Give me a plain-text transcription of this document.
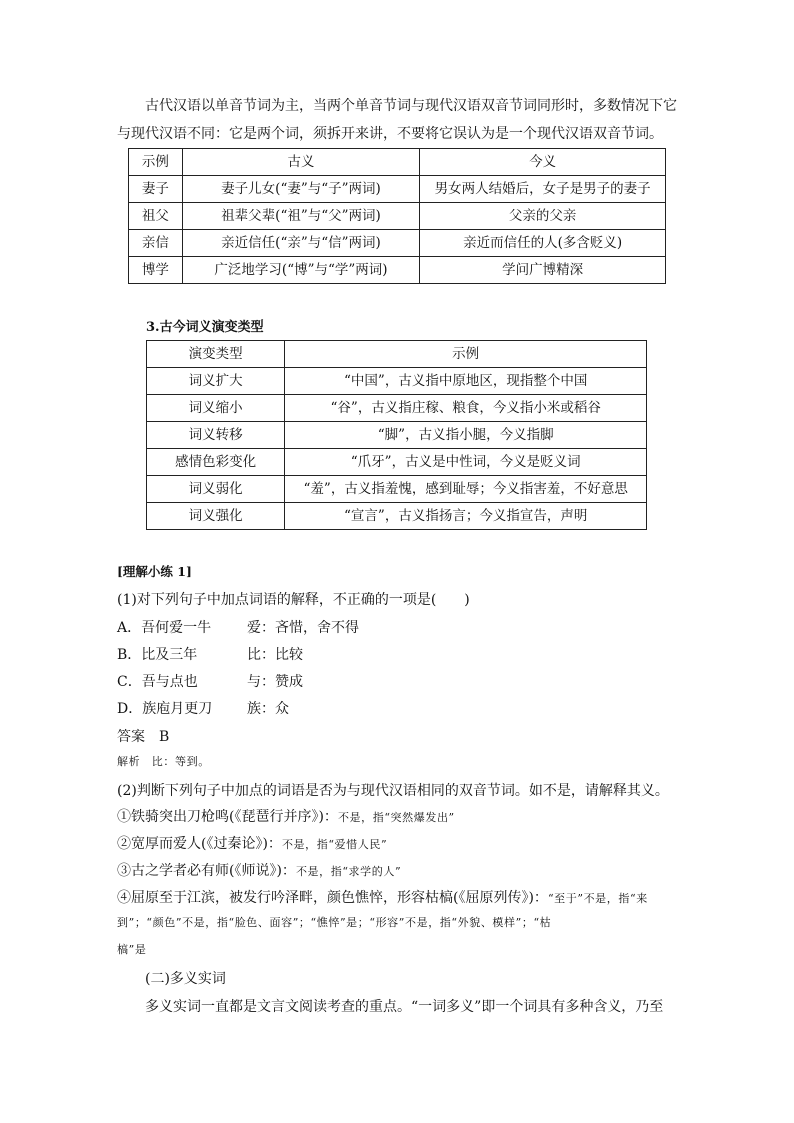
古代汉语以单音节词为主，当两个单音节词与现代汉语双音节词同形时，多数情况下它

与现代汉语不同：它是两个词，须拆开来讲，不要将它误认为是一个现代汉语双音节词。

示例	古义	今义
妻子	妻子儿女(“妻”与“子”两词)	男女两人结婚后，女子是男子的妻子
祖父	祖辈父辈(“祖”与“父”两词)	父亲的父亲
亲信	亲近信任(“亲”与“信”两词)	亲近而信任的人(多含贬义)
博学	广泛地学习(“博”与“学”两词)	学问广博精深

3.古今词义演变类型

演变类型	示例
词义扩大	“中国”，古义指中原地区，现指整个中国
词义缩小	“谷”，古义指庄稼、粮食，今义指小米或稻谷
词义转移	“脚”，古义指小腿，今义指脚
感情色彩变化	“爪牙”，古义是中性词，今义是贬义词
词义弱化	“羞”，古义指羞愧，感到耻辱；今义指害羞，不好意思
词义强化	“宣言”，古义指扬言；今义指宣告，声明

[理解小练 1]

(1)对下列句子中加点词语的解释，不正确的一项是(　　)

A．吾何爱一牛	爱：吝惜，舍不得

B．比及三年	比：比较

C．吾与点也	与：赞成

D．族庖月更刀 族：众

答案　B

解析　比：等到。

(2)判断下列句子中加点的词语是否为与现代汉语相同的双音节词。如不是，请解释其义。

①铁骑突出刀枪鸣(《琵琶行并序》)：不是，指“突然爆发出”

②宽厚而爱人(《过秦论》)：不是，指“爱惜人民”

③古之学者必有师(《师说》)：不是，指“求学的人”

④屈原至于江滨，被发行吟泽畔，颜色憔悴，形容枯槁(《屈原列传》)：“至于”不是，指“来

到”；“颜色”不是，指“脸色、面容”；“憔悴”是；“形容”不是，指“外貌、模样”；“枯

槁”是

(二)多义实词

多义实词一直都是文言文阅读考查的重点。“一词多义”即一个词具有多种含义，乃至
